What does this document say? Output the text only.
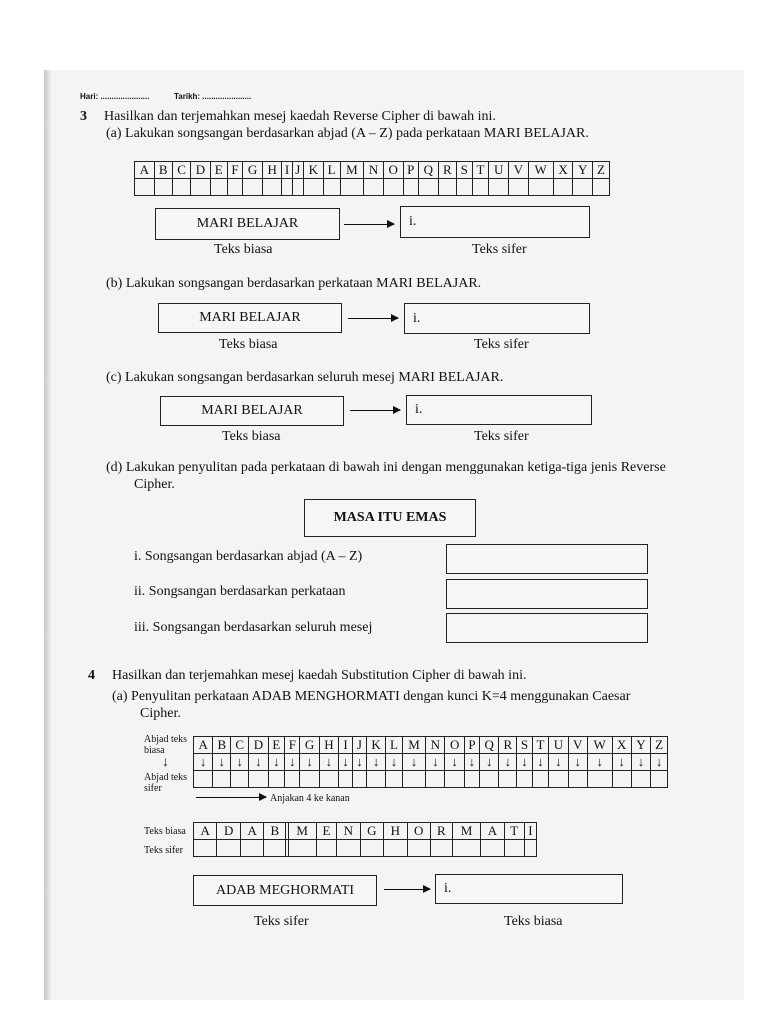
Hari: ......................	Tarikh: ......................
3 Hasilkan dan terjemahkan mesej kaedah Reverse Cipher di bawah ini.
(a) Lakukan songsangan berdasarkan abjad (A – Z) pada perkataan MARI BELAJAR.
A	B	C	D	E	F	G	H	I	J	K	L	M	N	O	P	Q	R	S	T	U	V	W	X	Y	Z

MARI BELAJAR	i.
Teks biasa	Teks sifer
(b) Lakukan songsangan berdasarkan perkataan MARI BELAJAR.
MARI BELAJAR	i.
Teks biasa	Teks sifer
(c) Lakukan songsangan berdasarkan seluruh mesej MARI BELAJAR.
MARI BELAJAR	i.
Teks biasa	Teks sifer
(d) Lakukan penyulitan pada perkataan di bawah ini dengan menggunakan ketiga-tiga jenis Reverse
Cipher.
MASA ITU EMAS
i. Songsangan berdasarkan abjad (A – Z)
ii. Songsangan berdasarkan perkataan
iii. Songsangan berdasarkan seluruh mesej
4 Hasilkan dan terjemahkan mesej kaedah Substitution Cipher di bawah ini.
(a) Penyulitan perkataan ADAB MENGHORMATI dengan kunci K=4 menggunakan Caesar
Cipher.
Abjad teks biasa
↓
Abjad teks sifer
A	B	C	D	E	F	G	H	I	J	K	L	M	N	O	P	Q	R	S	T	U	V	W	X	Y	Z
↓	↓	↓	↓	↓	↓	↓	↓	↓	↓	↓	↓	↓	↓	↓	↓	↓	↓	↓	↓	↓	↓	↓	↓	↓	↓

Anjakan 4 ke kanan
Teks biasa
Teks sifer
A	D	A	B		M	E	N	G	H	O	R	M	A	T	I

ADAB MEGHORMATI	i.
Teks sifer	Teks biasa
